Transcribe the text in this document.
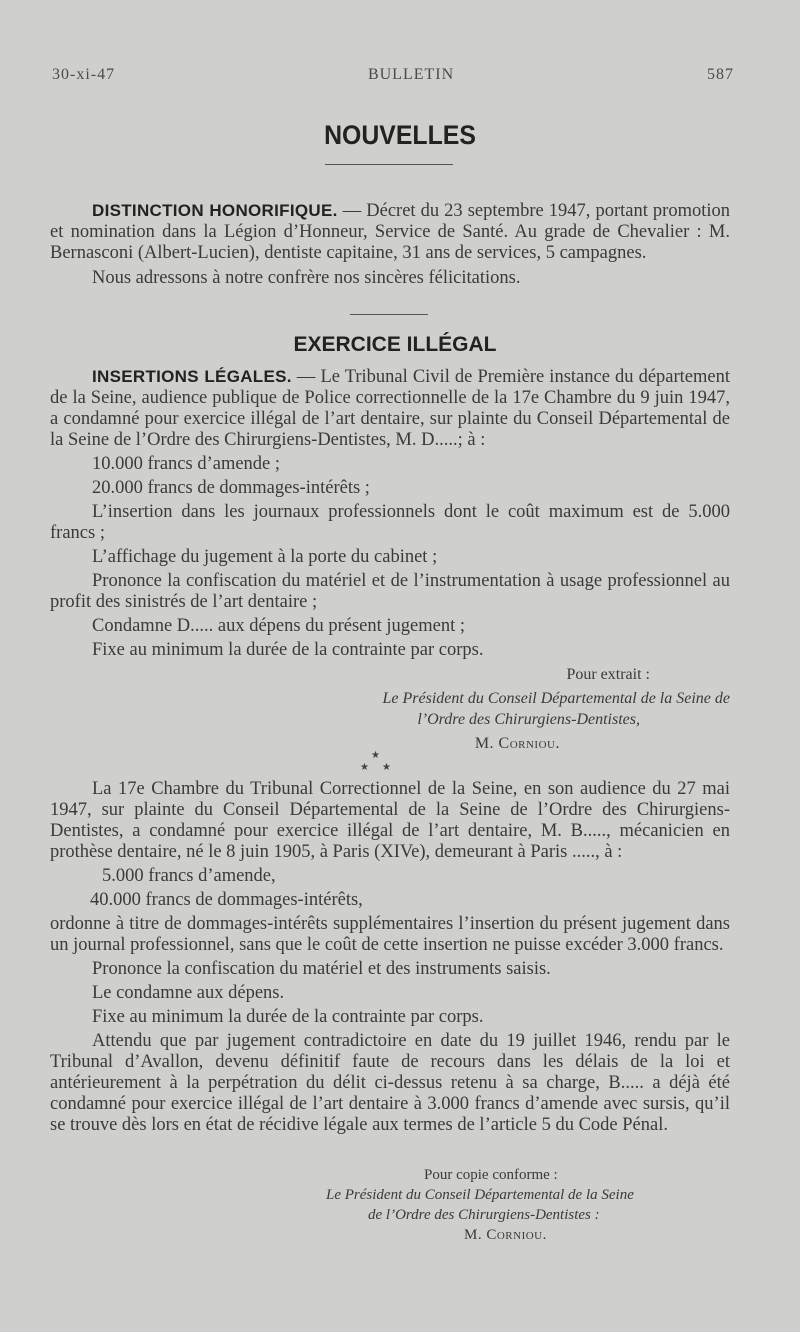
30-xi-47	BULLETIN	587
NOUVELLES

DISTINCTION HONORIFIQUE. — Décret du 23 septembre 1947, portant promotion et nomination dans la Légion d’Honneur, Service de Santé. Au grade de Chevalier : M. Bernasconi (Albert-Lucien), dentiste capitaine, 31 ans de services, 5 campagnes.

Nous adressons à notre confrère nos sincères félicitations.

EXERCICE ILLÉGAL

INSERTIONS LÉGALES. — Le Tribunal Civil de Première instance du département de la Seine, audience publique de Police correctionnelle de la 17e Chambre du 9 juin 1947, a condamné pour exercice illégal de l’art dentaire, sur plainte du Conseil Départemental de la Seine de l’Ordre des Chirurgiens-Dentistes, M. D.....; à :

10.000 francs d’amende ;

20.000 francs de dommages-intérêts ;

L’insertion dans les journaux professionnels dont le coût maximum est de 5.000 francs ;

L’affichage du jugement à la porte du cabinet ;

Prononce la confiscation du matériel et de l’instrumentation à usage professionnel au profit des sinistrés de l’art dentaire ;

Condamne D..... aux dépens du présent jugement ;

Fixe au minimum la durée de la contrainte par corps.

Pour extrait :
Le Président du Conseil Départemental de la Seine de
l’Ordre des Chirurgiens-Dentistes,
M. Corniou.
★
★ ★

La 17e Chambre du Tribunal Correctionnel de la Seine, en son audience du 27 mai 1947, sur plainte du Conseil Départemental de la Seine de l’Ordre des Chirurgiens-Dentistes, a condamné pour exercice illégal de l’art dentaire, M. B....., mécanicien en prothèse dentaire, né le 8 juin 1905, à Paris (XIVe), demeurant à Paris ....., à :

5.000 francs d’amende,

40.000 francs de dommages-intérêts,

ordonne à titre de dommages-intérêts supplémentaires l’insertion du présent jugement dans un journal professionnel, sans que le coût de cette insertion ne puisse excéder 3.000 francs.

Prononce la confiscation du matériel et des instruments saisis.

Le condamne aux dépens.

Fixe au minimum la durée de la contrainte par corps.

Attendu que par jugement contradictoire en date du 19 juillet 1946, rendu par le Tribunal d’Avallon, devenu définitif faute de recours dans les délais de la loi et antérieurement à la perpétration du délit ci-dessus retenu à sa charge, B..... a déjà été condamné pour exercice illégal de l’art dentaire à 3.000 francs d’amende avec sursis, qu’il se trouve dès lors en état de récidive légale aux termes de l’article 5 du Code Pénal.

Pour copie conforme :
Le Président du Conseil Départemental de la Seine
de l’Ordre des Chirurgiens-Dentistes :
M. Corniou.
